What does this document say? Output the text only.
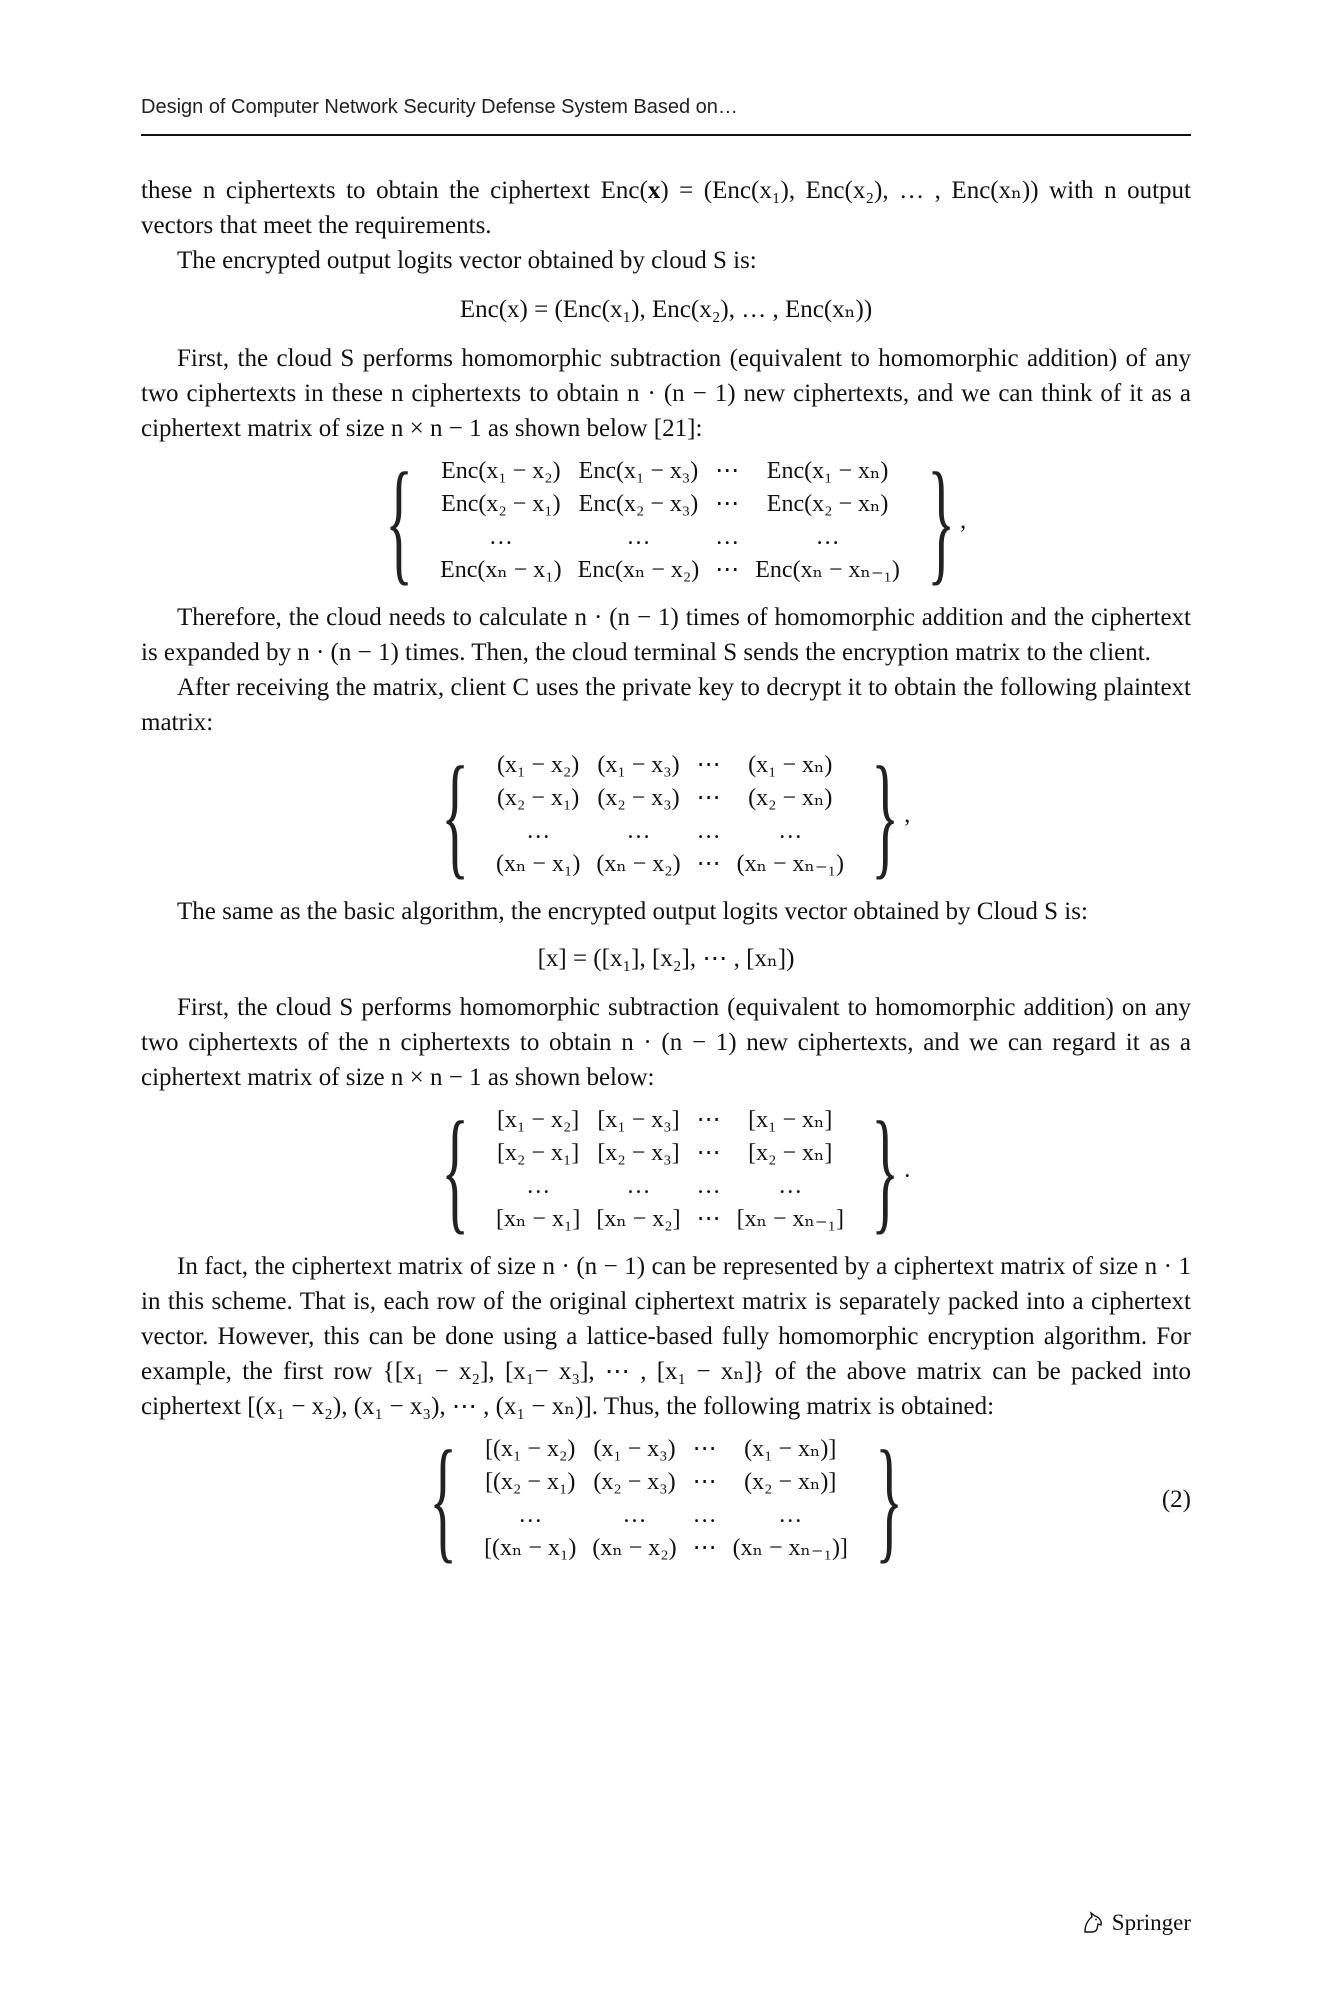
Design of Computer Network Security Defense System Based on…

these n ciphertexts to obtain the ciphertext Enc(x) = (Enc(x₁), Enc(x₂), … , Enc(xₙ)) with n output vectors that meet the requirements.

The encrypted output logits vector obtained by cloud S is:

Enc(x) = (Enc(x₁), Enc(x₂), … , Enc(xₙ))

First, the cloud S performs homomorphic subtraction (equivalent to homomorphic addition) of any two ciphertexts in these n ciphertexts to obtain n · (n − 1) new ciphertexts, and we can think of it as a ciphertext matrix of size n × n − 1 as shown below [21]:

{ Enc(x₁ − x₂)	Enc(x₁ − x₃)	⋯	Enc(x₁ − xₙ)
Enc(x₂ − x₁)	Enc(x₂ − x₃)	⋯	Enc(x₂ − xₙ)
…	…	…	…
Enc(xₙ − x₁)	Enc(xₙ − x₂)	⋯	Enc(xₙ − xₙ₋₁) } ,

Therefore, the cloud needs to calculate n · (n − 1) times of homomorphic addition and the ciphertext is expanded by n · (n − 1) times. Then, the cloud terminal S sends the encryption matrix to the client.

After receiving the matrix, client C uses the private key to decrypt it to obtain the following plaintext matrix:

{ (x₁ − x₂)	(x₁ − x₃)	⋯	(x₁ − xₙ)
(x₂ − x₁)	(x₂ − x₃)	⋯	(x₂ − xₙ)
…	…	…	…
(xₙ − x₁)	(xₙ − x₂)	⋯	(xₙ − xₙ₋₁) } ,

The same as the basic algorithm, the encrypted output logits vector obtained by Cloud S is:

[x] = ([x₁], [x₂], ⋯ , [xₙ])

First, the cloud S performs homomorphic subtraction (equivalent to homomorphic addition) on any two ciphertexts of the n ciphertexts to obtain n · (n − 1) new ciphertexts, and we can regard it as a ciphertext matrix of size n × n − 1 as shown below:

{ [x₁ − x₂]	[x₁ − x₃]	⋯	[x₁ − xₙ]
[x₂ − x₁]	[x₂ − x₃]	⋯	[x₂ − xₙ]
…	…	…	…
[xₙ − x₁]	[xₙ − x₂]	⋯	[xₙ − xₙ₋₁] } .

In fact, the ciphertext matrix of size n · (n − 1) can be represented by a ciphertext matrix of size n · 1 in this scheme. That is, each row of the original ciphertext matrix is separately packed into a ciphertext vector. However, this can be done using a lattice-based fully homomorphic encryption algorithm. For example, the first row {[x₁ − x₂], [x₁− x₃], ⋯ , [x₁ − xₙ]} of the above matrix can be packed into ciphertext [(x₁ − x₂), (x₁ − x₃), ⋯ , (x₁ − xₙ)]. Thus, the following matrix is obtained:

{ [(x₁ − x₂)	(x₁ − x₃)	⋯	(x₁ − xₙ)]
[(x₂ − x₁)	(x₂ − x₃)	⋯	(x₂ − xₙ)]
…	…	…	…
[(xₙ − x₁)	(xₙ − x₂)	⋯	(xₙ − xₙ₋₁)] }	(2)
Springer
